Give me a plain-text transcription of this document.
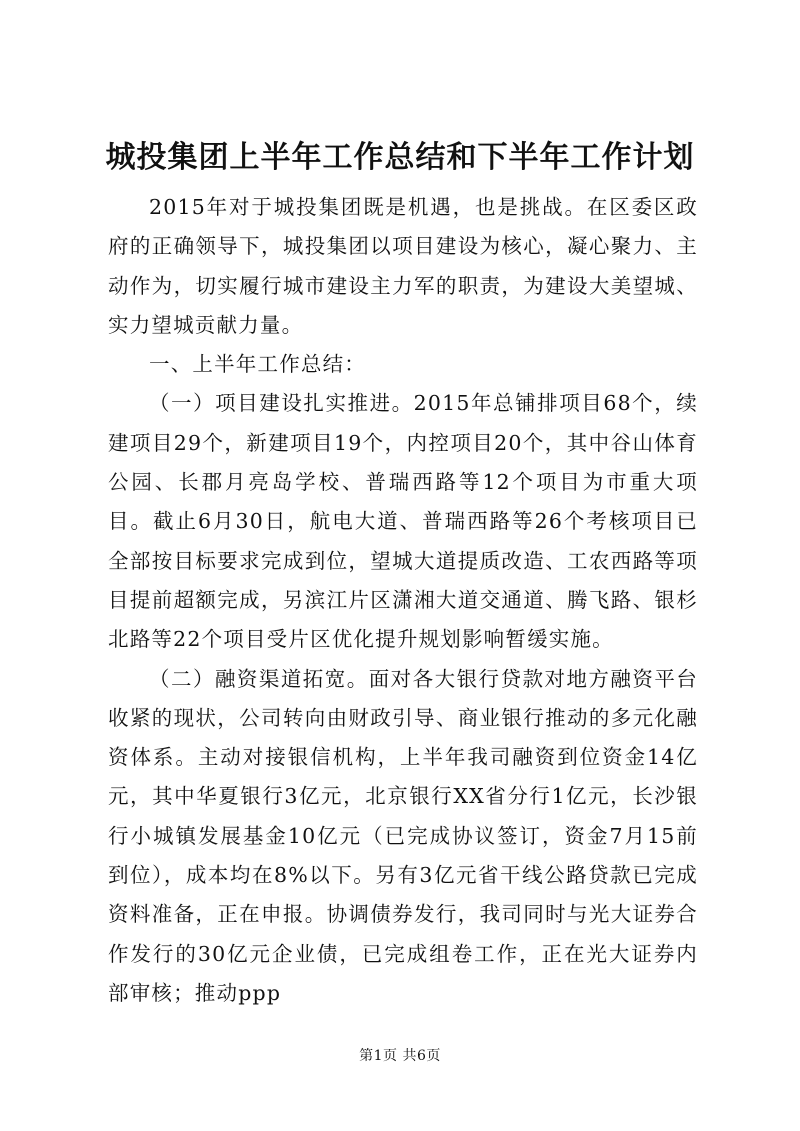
城投集团上半年工作总结和下半年工作计划

2015年对于城投集团既是机遇，也是挑战。在区委区政府的正确领导下，城投集团以项目建设为核心，凝心聚力、主动作为，切实履行城市建设主力军的职责，为建设大美望城、实力望城贡献力量。

一、上半年工作总结：

（一）项目建设扎实推进。2015年总铺排项目68个，续建项目29个，新建项目19个，内控项目20个，其中谷山体育公园、长郡月亮岛学校、普瑞西路等12个项目为市重大项目。截止6月30日，航电大道、普瑞西路等26个考核项目已全部按目标要求完成到位，望城大道提质改造、工农西路等项目提前超额完成，另滨江片区潇湘大道交通道、腾飞路、银杉北路等22个项目受片区优化提升规划影响暂缓实施。

（二）融资渠道拓宽。面对各大银行贷款对地方融资平台收紧的现状，公司转向由财政引导、商业银行推动的多元化融资体系。主动对接银信机构，上半年我司融资到位资金14亿元，其中华夏银行3亿元，北京银行XX省分行1亿元，长沙银行小城镇发展基金10亿元（已完成协议签订，资金7月15前到位），成本均在8%以下。另有3亿元省干线公路贷款已完成资料准备，正在申报。协调债券发行，我司同时与光大证券合作发行的30亿元企业债，已完成组卷工作，正在光大证券内部审核；推动ppp

第1页 共6页
